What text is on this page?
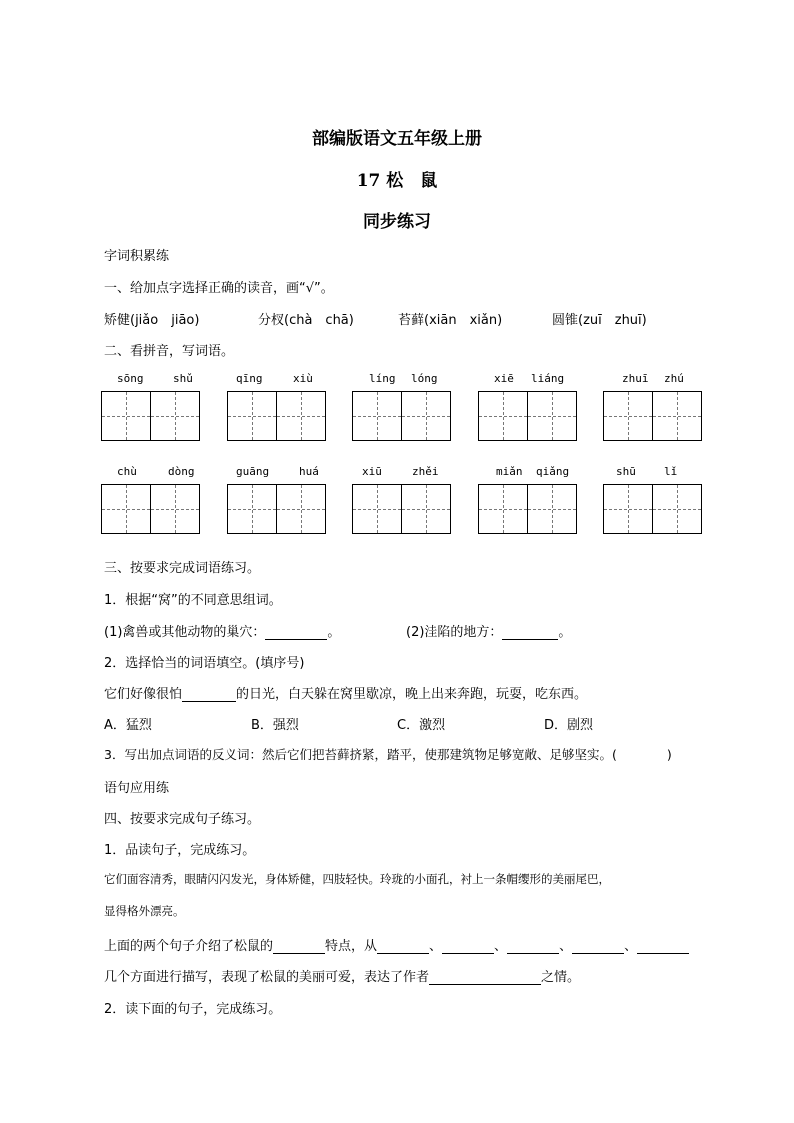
部编版语文五年级上册
17 松　鼠
同步练习
字词积累练
一、给加点字选择正确的读音，画“√”。
矫健(jiǎo　jiāo)	分杈(chà　chā)	苔藓(xiān　xiǎn)	圆锥(zuī　zhuī)
二、看拼音，写词语。
sōng	shǔ	qīng	xiù	líng lóng	xiē liáng	zhuī zhú
chù	dòng	guāng	huá	xiū	zhěi	miǎn qiǎng	shū	lǐ
三、按要求完成词语练习。
1．根据“窝”的不同意思组词。
(1)禽兽或其他动物的巢穴：	。	(2)洼陷的地方：	。
2．选择恰当的词语填空。(填序号)
它们好像很怕	的日光，白天躲在窝里歇凉，晚上出来奔跑，玩耍，吃东西。
A．猛烈	B．强烈	C．激烈	D．剧烈
3．写出加点词语的反义词：然后它们把苔藓挤紧，踏平，使那建筑物足够宽敞、足够坚实。(　　　　)
语句应用练
四、按要求完成句子练习。
1．品读句子，完成练习。
它们面容清秀，眼睛闪闪发光，身体矫健，四肢轻快。玲珑的小面孔，衬上一条帽缨形的美丽尾巴，
显得格外漂亮。
上面的两个句子介绍了松鼠的	特点，从	、	、	、	、
几个方面进行描写，表现了松鼠的美丽可爱，表达了作者	之情。
2．读下面的句子，完成练习。
